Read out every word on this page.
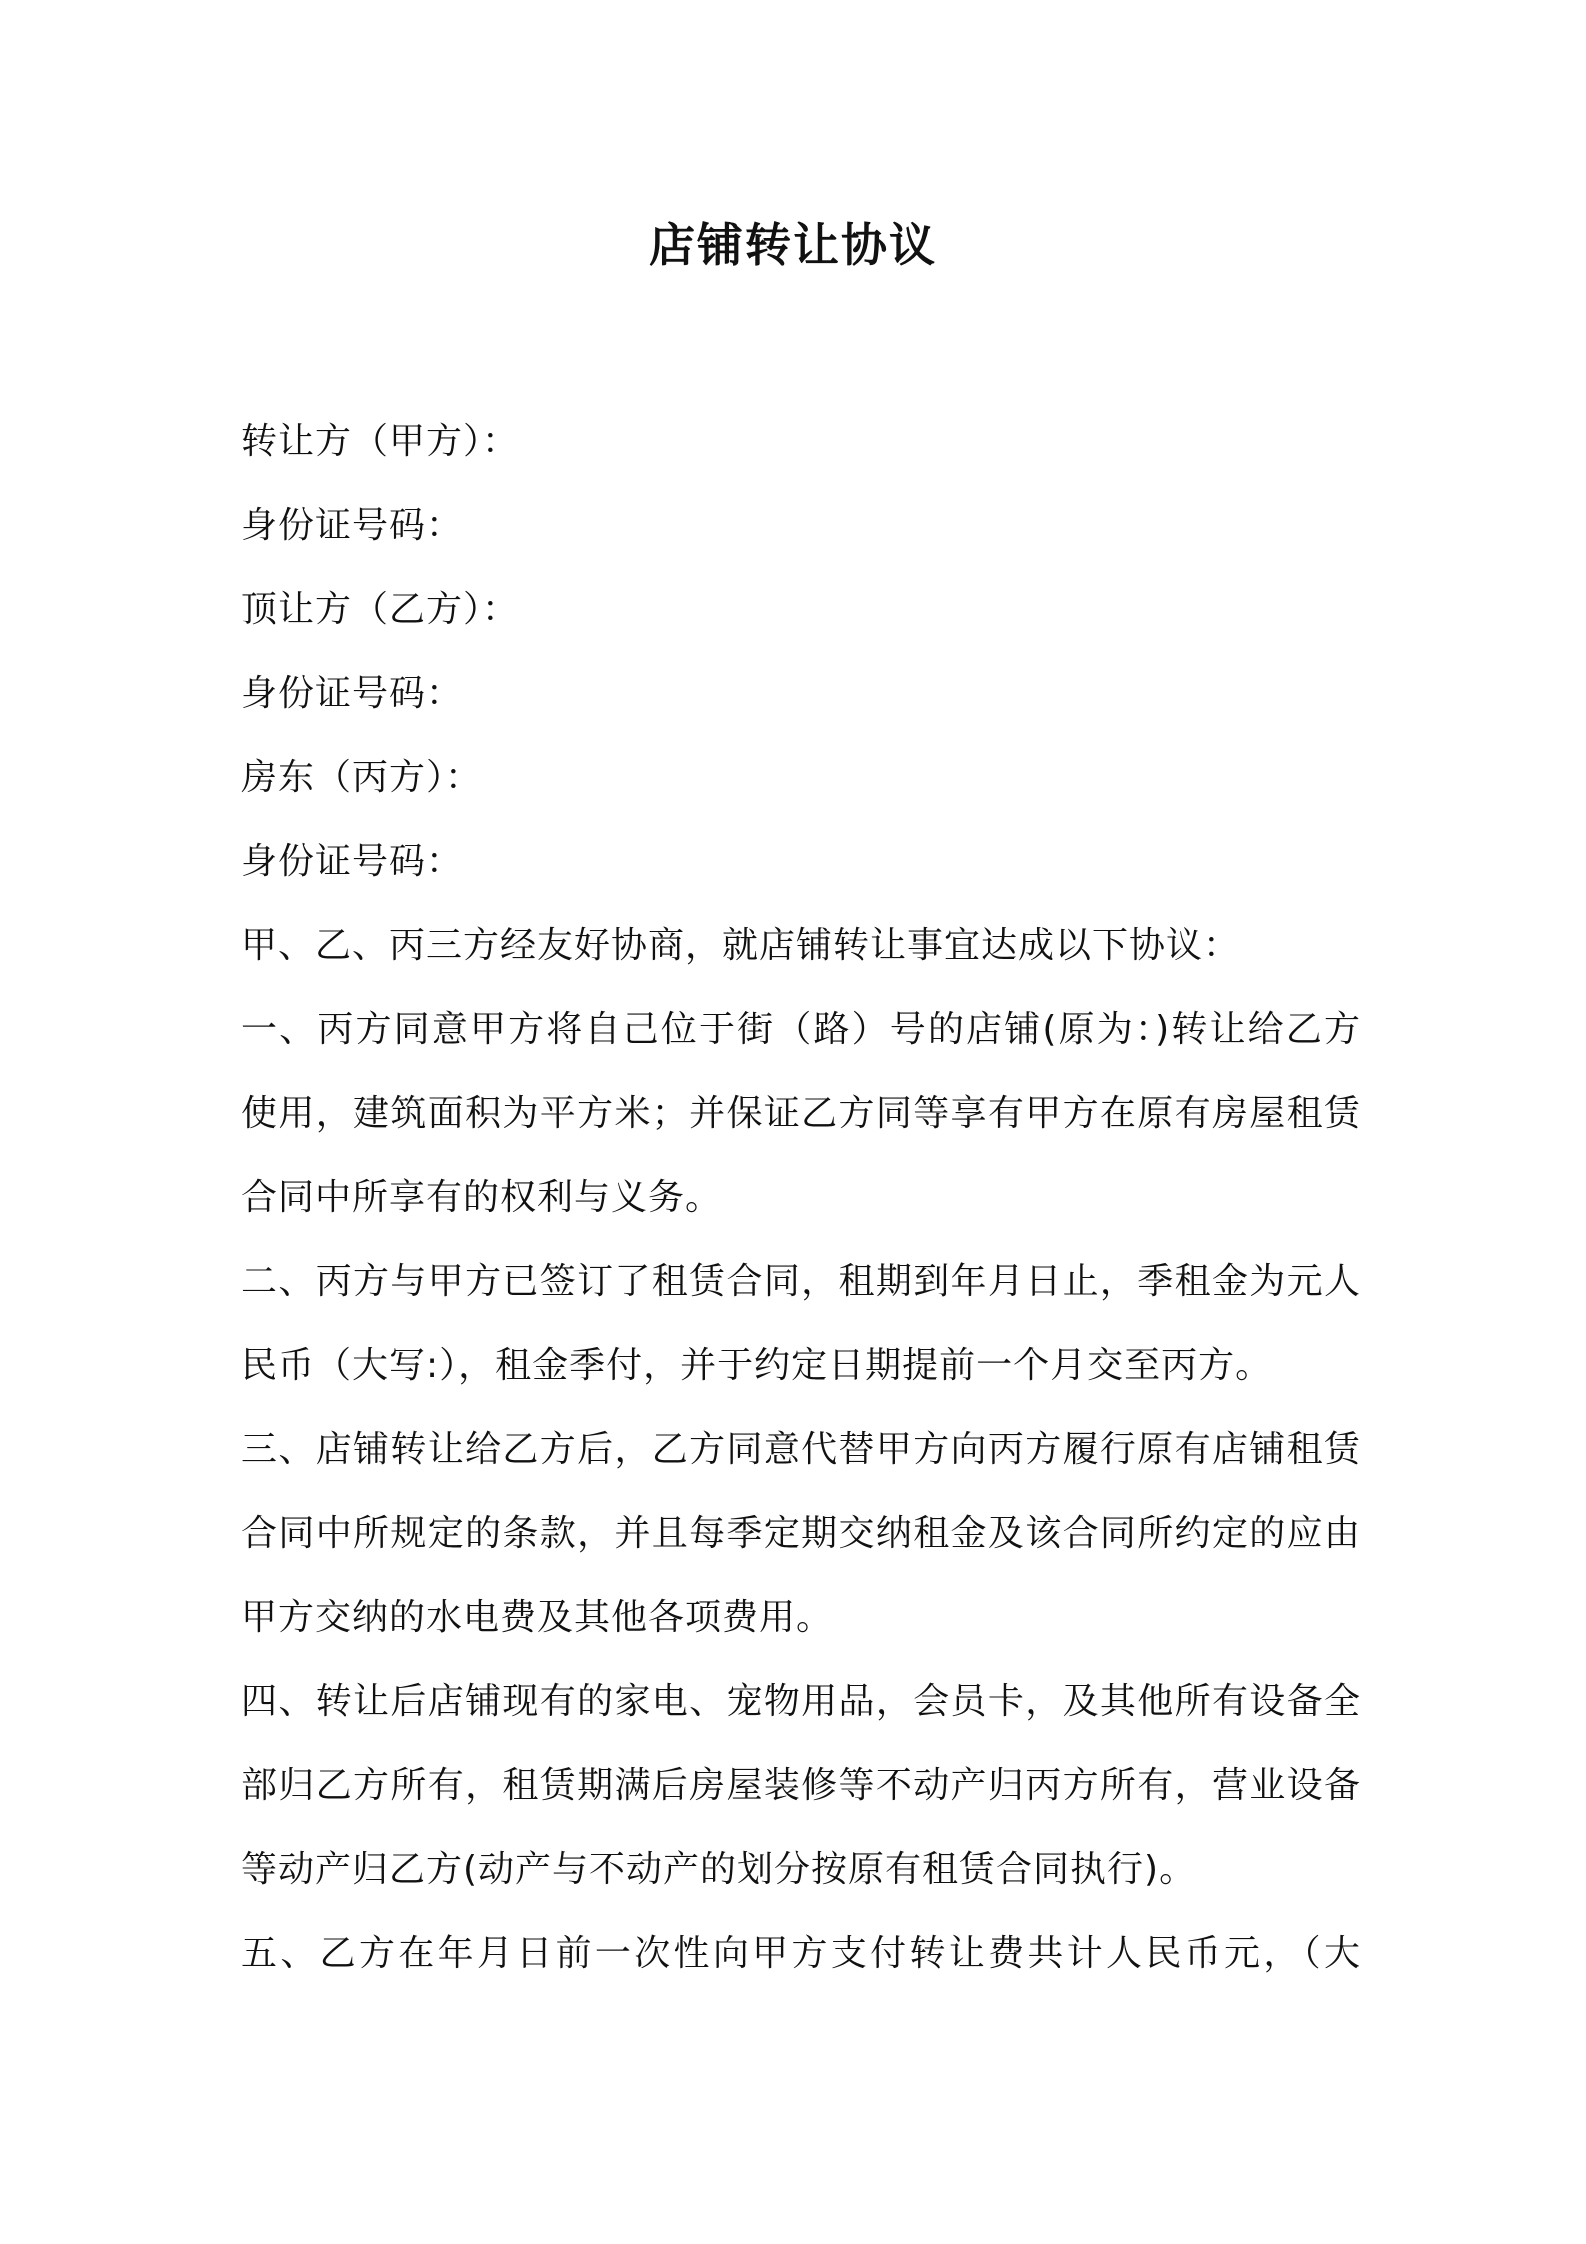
店铺转让协议
转让方（甲方）：
身份证号码：
顶让方（乙方）：
身份证号码：
房东（丙方）：
身份证号码：
甲、乙、丙三方经友好协商，就店铺转让事宜达成以下协议：
一、丙方同意甲方将自己位于街（路）号的店铺(原为：)转让给乙方
使用，建筑面积为平方米；并保证乙方同等享有甲方在原有房屋租赁
合同中所享有的权利与义务。
二、丙方与甲方已签订了租赁合同，租期到年月日止，季租金为元人
民币（大写:），租金季付，并于约定日期提前一个月交至丙方。
三、店铺转让给乙方后，乙方同意代替甲方向丙方履行原有店铺租赁
合同中所规定的条款，并且每季定期交纳租金及该合同所约定的应由
甲方交纳的水电费及其他各项费用。
四、转让后店铺现有的家电、宠物用品，会员卡，及其他所有设备全
部归乙方所有，租赁期满后房屋装修等不动产归丙方所有，营业设备
等动产归乙方(动产与不动产的划分按原有租赁合同执行)。
五、乙方在年月日前一次性向甲方支付转让费共计人民币元，（大
